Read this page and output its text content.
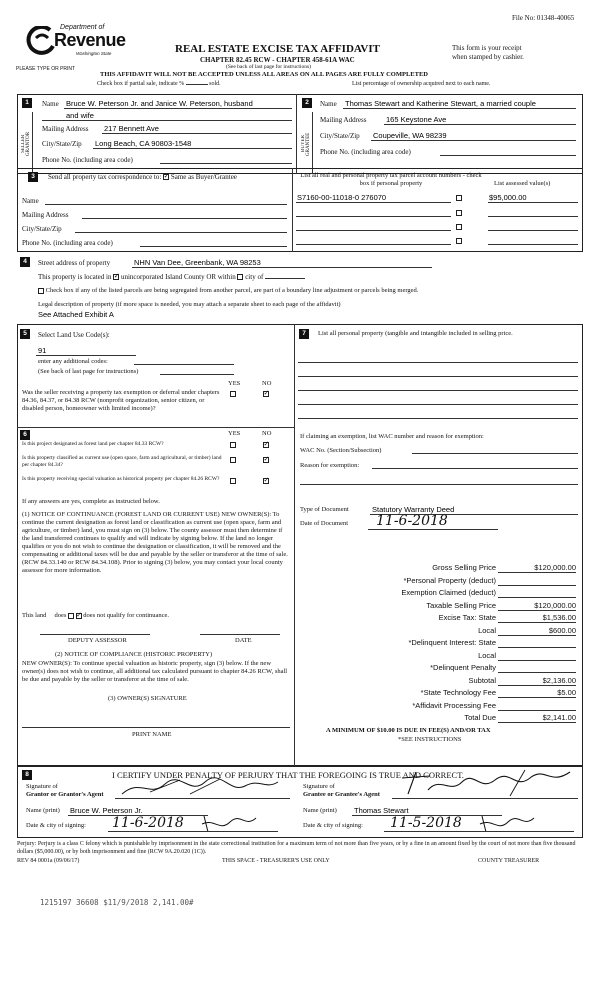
File No: 01348-40065
Department of
Revenue
Washington State
PLEASE TYPE OR PRINT
REAL ESTATE EXCISE TAX AFFIDAVIT
CHAPTER 82.45 RCW - CHAPTER 458-61A WAC
(See back of last page for instructions)
This form is your receipt
when stamped by cashier.
THIS AFFIDAVIT WILL NOT BE ACCEPTED UNLESS ALL AREAS ON ALL PAGES ARE FULLY COMPLETED
Check box if partial sale, indicate %	sold.	List percentage of ownership acquired next to each name.
1
SELLER GRANTOR
Name Bruce W. Peterson Jr. and Janice W. Peterson, husband
and wife
Mailing Address 217 Bennett Ave
City/State/Zip Long Beach, CA 90803-1548
Phone No. (including area code)
2
BUYER GRANTEE
Name Thomas Stewart and Katherine Stewart, a married couple
Mailing Address	165 Keystone Ave
City/State/Zip Coupeville, WA 98239
Phone No. (including area code)
3	Send all property tax correspondence to: ✓ Same as Buyer/Grantee
Name
Mailing Address
City/State/Zip
Phone No. (including area code)
List all real and personal property tax parcel account numbers - check box if personal property	List assessed value(s)
S7160-00-11018-0 276070	$95,000.00
4	Street address of property	NHN Van Dee, Greenbank, WA 98253
This property is located in ✓ unincorporated Island County OR within city of
Check box if any of the listed parcels are being segregated from another parcel, are part of a boundary line adjustment or parcels being merged.
Legal description of property (if more space is needed, you may attach a separate sheet to each page of the affidavit)
See Attached Exhibit A
5	Select Land Use Code(s):
91
enter any additional codes:
(See back of last page for instructions)
YES	NO
Was the seller receiving a property tax exemption or deferral under chapters 84.36, 84.37, or 84.38 RCW (nonprofit organization, senior citizen, or disabled person, homeowner with limited income)?
✓
6	YES	NO
Is this project designated as forest land per chapter 84.33 RCW?
✓
Is this property classified as current use (open space, farm and agricultural, or timber) land per chapter 84.34?
✓
Is this property receiving special valuation as historical property per chapter 84.26 RCW?
✓
If any answers are yes, complete as instructed below.
(1) NOTICE OF CONTINUANCE (FOREST LAND OR CURRENT USE) NEW OWNER(S): To continue the current designation as forest land or classification as current use (open space, farm and agriculture, or timber) land, you must sign on (3) below. The county assessor must then determine if the land transferred continues to qualify and will indicate by signing below. If the land no longer qualifies or you do not wish to continue the designation or classification, it will be removed and the compensating or additional taxes will be due and payable by the seller or transferor at the time of sale. (RCW 84.33.140 or RCW 84.34.108). Prior to signing (3) below, you may contact your local county assessor for more information.
This land does ✓	does not qualify for continuance.
DEPUTY ASSESSOR	DATE
(2) NOTICE OF COMPLIANCE (HISTORIC PROPERTY)
NEW OWNER(S): To continue special valuation as historic property, sign (3) below. If the new owner(s) does not wish to continue, all additional tax calculated pursuant to chapter 84.26 RCW, shall be due and payable by the seller or transferor at the time of sale.
(3) OWNER(S) SIGNATURE
PRINT NAME
7	List all personal property (tangible and intangible included in selling price.
If claiming an exemption, list WAC number and reason for exemption:
WAC No. (Section/Subsection)
Reason for exemption:
Type of Document	Statutory Warranty Deed
Date of Document 11-6-2018
Gross Selling Price	$120,000.00
*Personal Property (deduct)
Exemption Claimed (deduct)
Taxable Selling Price	$120,000.00
Excise Tax: State	$1,536.00
Local	$600.00
*Delinquent Interest: State
Local
*Delinquent Penalty
Subtotal	$2,136.00
*State Technology Fee	$5.00
*Affidavit Processing Fee
Total Due	$2,141.00
A MINIMUM OF $10.00 IS DUE IN FEE(S) AND/OR TAX
*SEE INSTRUCTIONS
8	I CERTIFY UNDER PENALTY OF PERJURY THAT THE FOREGOING IS TRUE AND CORRECT.
Signature of
Grantor or Grantor's Agent
Name (print) Bruce W. Peterson Jr.
Date & city of signing: 11-6-2018
Signature of
Grantee or Grantee's Agent
Name (print) Thomas Stewart
Date & city of signing: 11-5-2018
Perjury: Perjury is a class C felony which is punishable by imprisonment in the state correctional institution for a maximum term of not more than five years, or by a fine in an amount fixed by the court of not more than five thousand dollars ($5,000.00), or by both imprisonment and fine (RCW 9A.20.020 (1C)).
REV 84 0001a (09/06/17)	THIS SPACE - TREASURER'S USE ONLY	COUNTY TREASURER
1215197 36608 $11/9/2018 2,141.00#
